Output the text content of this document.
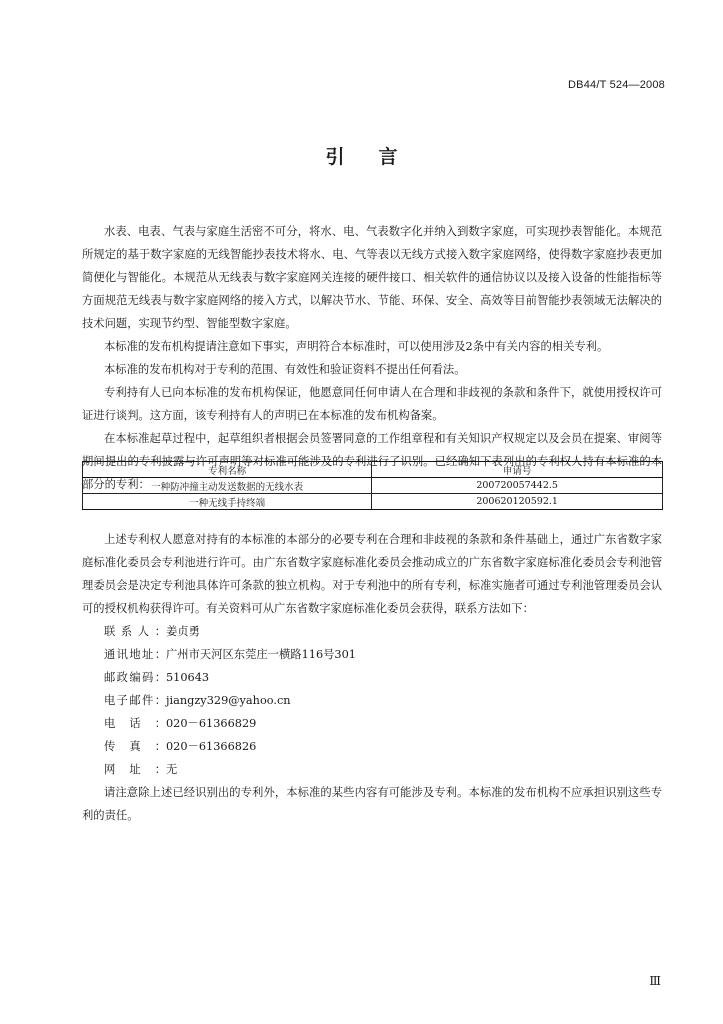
DB44/T 524—2008
引言

水表、电表、气表与家庭生活密不可分，将水、电、气表数字化并纳入到数字家庭，可实现抄表智能化。本规范所规定的基于数字家庭的无线智能抄表技术将水、电、气等表以无线方式接入数字家庭网络，使得数字家庭抄表更加简便化与智能化。本规范从无线表与数字家庭网关连接的硬件接口、相关软件的通信协议以及接入设备的性能指标等方面规范无线表与数字家庭网络的接入方式，以解决节水、节能、环保、安全、高效等目前智能抄表领域无法解决的技术问题，实现节约型、智能型数字家庭。

本标准的发布机构提请注意如下事实，声明符合本标准时，可以使用涉及2条中有关内容的相关专利。

本标准的发布机构对于专利的范围、有效性和验证资料不提出任何看法。

专利持有人已向本标准的发布机构保证，他愿意同任何申请人在合理和非歧视的条款和条件下，就使用授权许可证进行谈判。这方面，该专利持有人的声明已在本标准的发布机构备案。

在本标准起草过程中，起草组织者根据会员签署同意的工作组章程和有关知识产权规定以及会员在提案、审阅等期间提出的专利披露与许可声明等对标准可能涉及的专利进行了识别。已经确知下表列出的专利权人持有本标准的本部分的专利：

专利名称	申请号
一种防冲撞主动发送数据的无线水表	200720057442.5
一种无线手持终端	200620120592.1

上述专利权人愿意对持有的本标准的本部分的必要专利在合理和非歧视的条款和条件基础上，通过广东省数字家庭标准化委员会专利池进行许可。由广东省数字家庭标准化委员会推动成立的广东省数字家庭标准化委员会专利池管理委员会是决定专利池具体许可条款的独立机构。对于专利池中的所有专利，标准实施者可通过专利池管理委员会认可的授权机构获得许可。有关资料可从广东省数字家庭标准化委员会获得，联系方法如下：

联系人：姜贞勇
通讯地址：广州市天河区东莞庄一横路116号301
邮政编码：510643
电子邮件：jiangzy329@yahoo.cn
电话：020－61366829
传真：020－61366826
网址：无

请注意除上述已经识别出的专利外，本标准的某些内容有可能涉及专利。本标准的发布机构不应承担识别这些专利的责任。

Ⅲ
